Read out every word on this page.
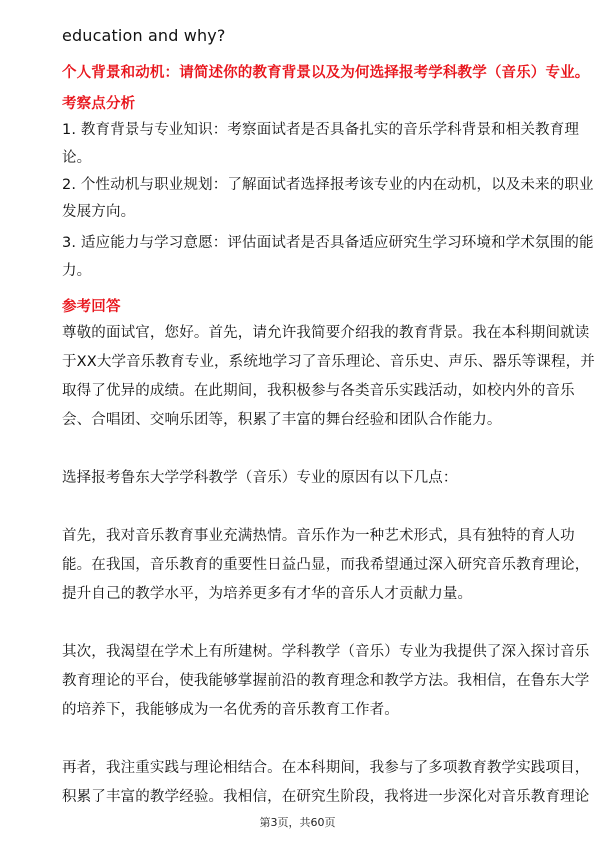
education and why?
个人背景和动机：请简述你的教育背景以及为何选择报考学科教学（音乐）专业。
考察点分析
1. 教育背景与专业知识：考察面试者是否具备扎实的音乐学科背景和相关教育理
论。
2. 个性动机与职业规划：了解面试者选择报考该专业的内在动机，以及未来的职业
发展方向。
3. 适应能力与学习意愿：评估面试者是否具备适应研究生学习环境和学术氛围的能
力。
参考回答
尊敬的面试官，您好。首先，请允许我简要介绍我的教育背景。我在本科期间就读
于XX大学音乐教育专业，系统地学习了音乐理论、音乐史、声乐、器乐等课程，并
取得了优异的成绩。在此期间，我积极参与各类音乐实践活动，如校内外的音乐
会、合唱团、交响乐团等，积累了丰富的舞台经验和团队合作能力。
选择报考鲁东大学学科教学（音乐）专业的原因有以下几点：
首先，我对音乐教育事业充满热情。音乐作为一种艺术形式，具有独特的育人功
能。在我国，音乐教育的重要性日益凸显，而我希望通过深入研究音乐教育理论，
提升自己的教学水平，为培养更多有才华的音乐人才贡献力量。
其次，我渴望在学术上有所建树。学科教学（音乐）专业为我提供了深入探讨音乐
教育理论的平台，使我能够掌握前沿的教育理念和教学方法。我相信，在鲁东大学
的培养下，我能够成为一名优秀的音乐教育工作者。
再者，我注重实践与理论相结合。在本科期间，我参与了多项教育教学实践项目，
积累了丰富的教学经验。我相信，在研究生阶段，我将进一步深化对音乐教育理论
第3页，共60页
